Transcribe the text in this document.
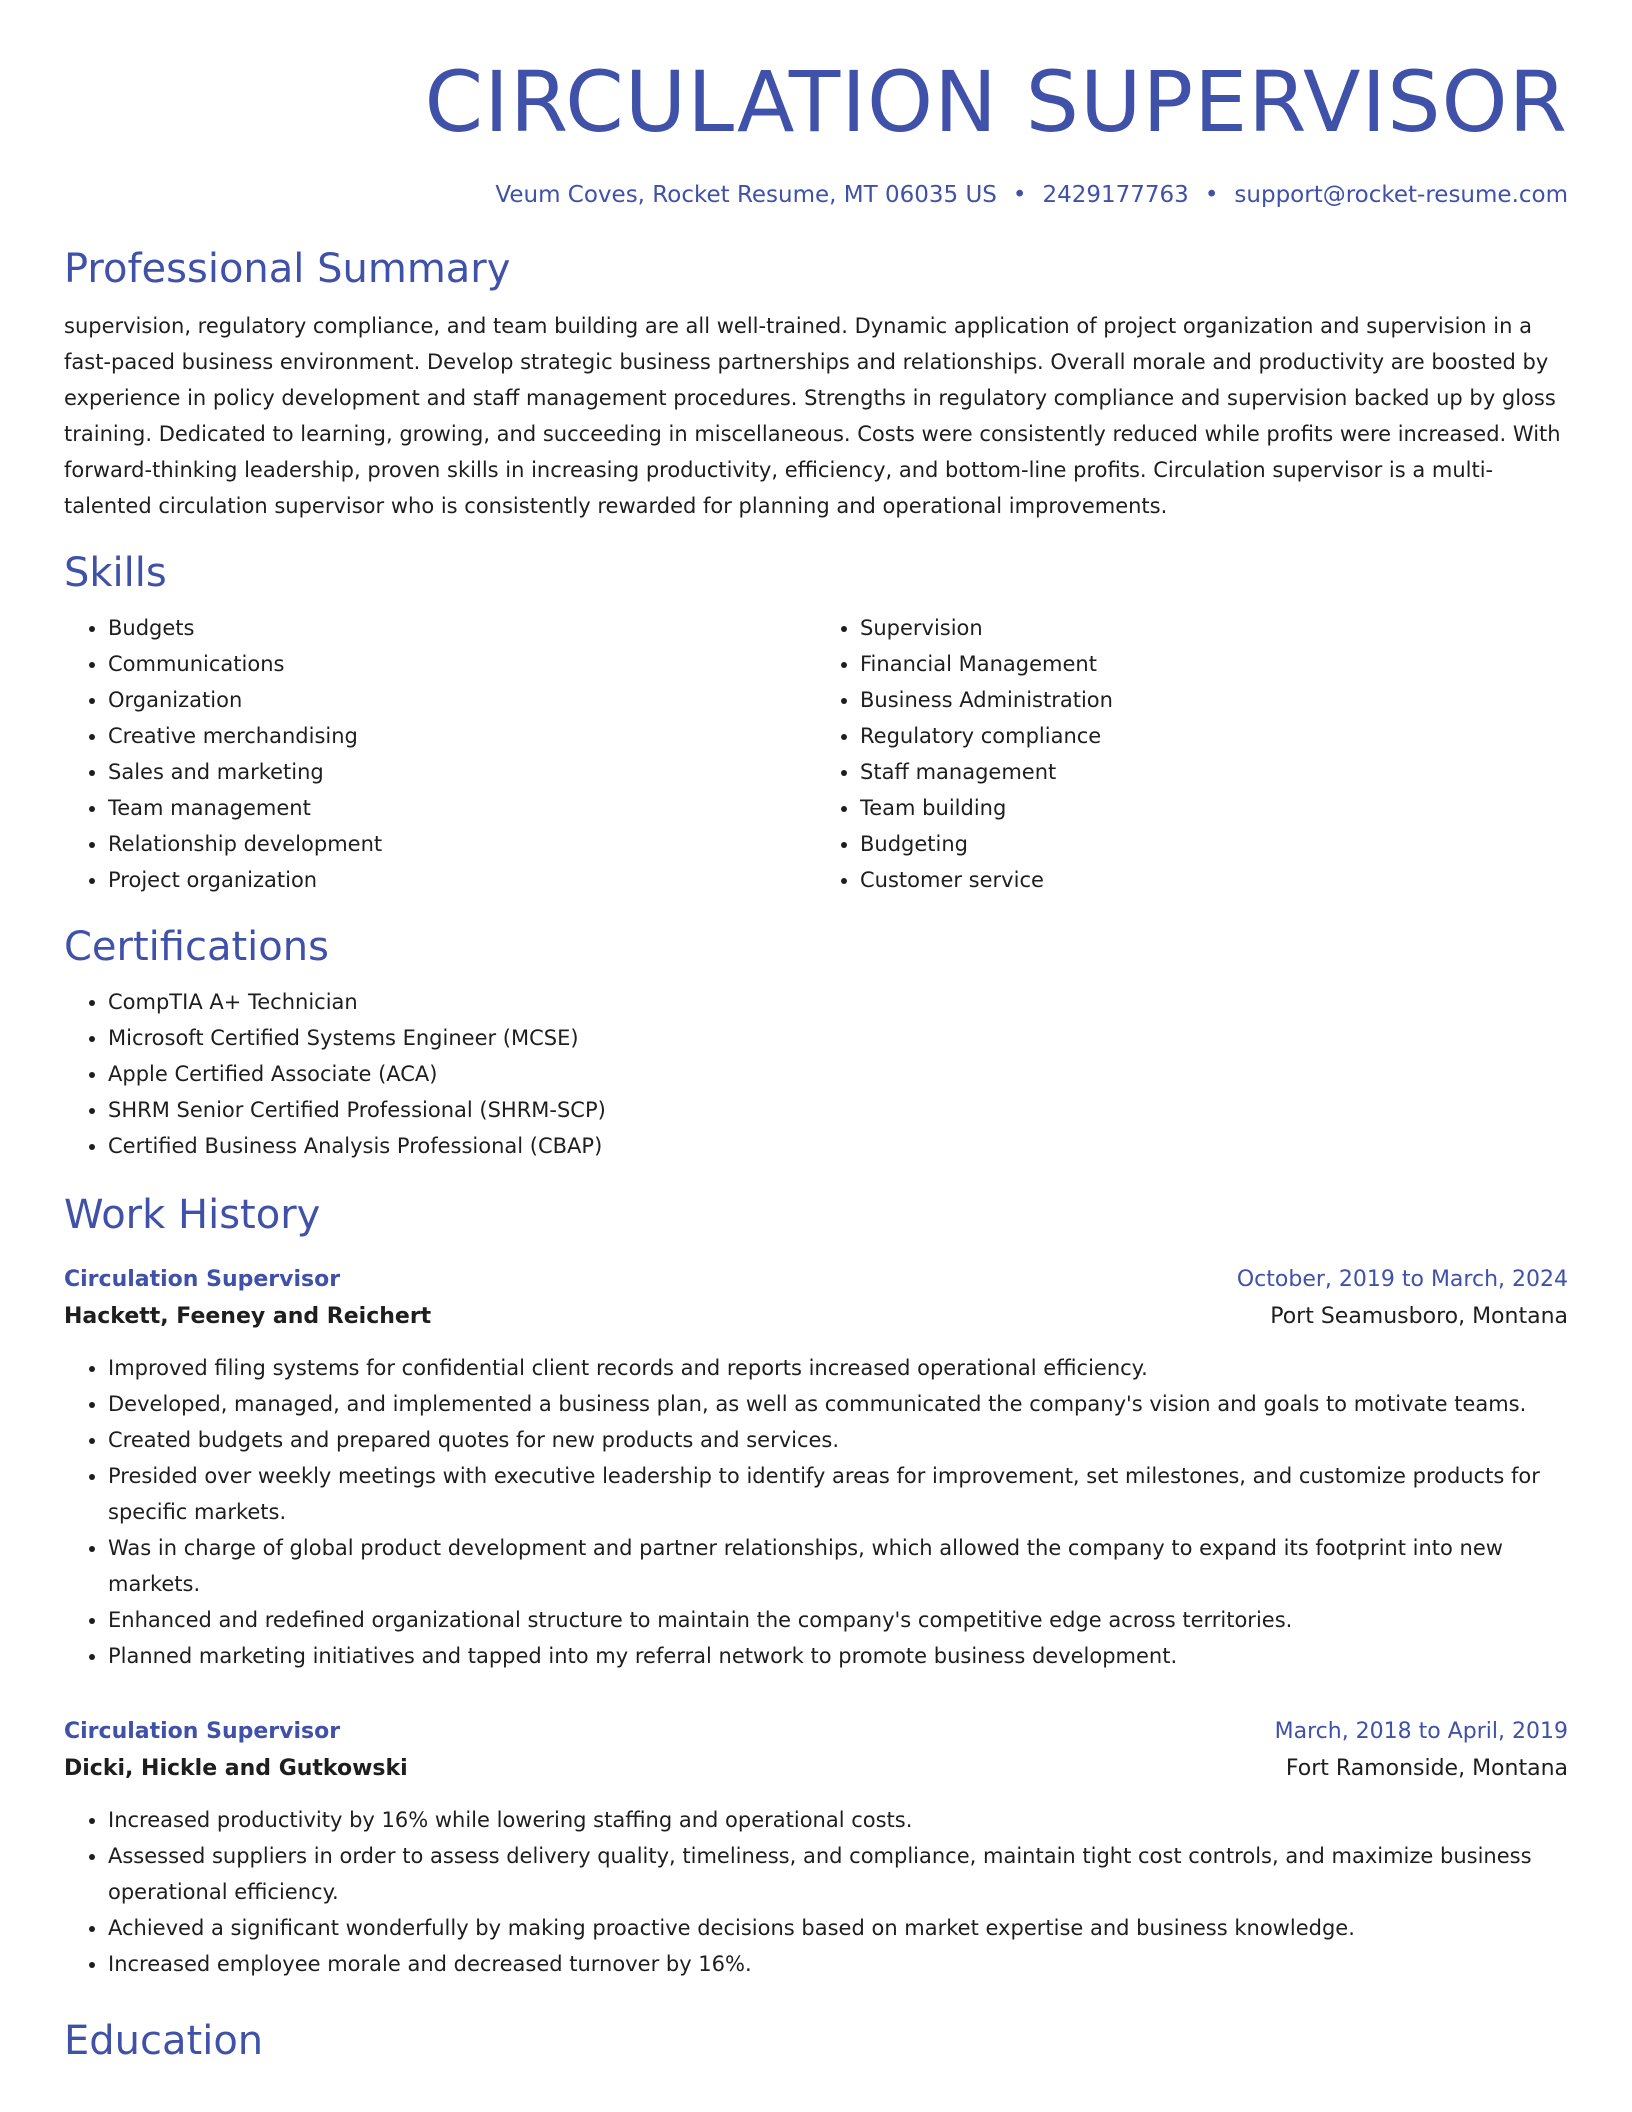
CIRCULATION SUPERVISOR
Veum Coves, Rocket Resume, MT 06035 US • 2429177763 • support@rocket-resume.com
Professional Summary

supervision, regulatory compliance, and team building are all well-trained. Dynamic application of project organization and supervision in a fast-paced business environment. Develop strategic business partnerships and relationships. Overall morale and productivity are boosted by experience in policy development and staff management procedures. Strengths in regulatory compliance and supervision backed up by gloss training. Dedicated to learning, growing, and succeeding in miscellaneous. Costs were consistently reduced while profits were increased. With forward-thinking leadership, proven skills in increasing productivity, efficiency, and bottom-line profits. Circulation supervisor is a multi-talented circulation supervisor who is consistently rewarded for planning and operational improvements.

Skills
• Budgets
• Communications
• Organization
• Creative merchandising
• Sales and marketing
• Team management
• Relationship development
• Project organization
• Supervision
• Financial Management
• Business Administration
• Regulatory compliance
• Staff management
• Team building
• Budgeting
• Customer service
Certifications
• CompTIA A+ Technician
• Microsoft Certified Systems Engineer (MCSE)
• Apple Certified Associate (ACA)
• SHRM Senior Certified Professional (SHRM-SCP)
• Certified Business Analysis Professional (CBAP)
Work History
Circulation Supervisor	October, 2019 to March, 2024
Hackett, Feeney and Reichert	Port Seamusboro, Montana
• Improved filing systems for confidential client records and reports increased operational efficiency.
• Developed, managed, and implemented a business plan, as well as communicated the company's vision and goals to motivate teams.
• Created budgets and prepared quotes for new products and services.
• Presided over weekly meetings with executive leadership to identify areas for improvement, set milestones, and customize products for specific markets.
• Was in charge of global product development and partner relationships, which allowed the company to expand its footprint into new markets.
• Enhanced and redefined organizational structure to maintain the company's competitive edge across territories.
• Planned marketing initiatives and tapped into my referral network to promote business development.
Circulation Supervisor	March, 2018 to April, 2019
Dicki, Hickle and Gutkowski	Fort Ramonside, Montana
• Increased productivity by 16% while lowering staffing and operational costs.
• Assessed suppliers in order to assess delivery quality, timeliness, and compliance, maintain tight cost controls, and maximize business operational efficiency.
• Achieved a significant wonderfully by making proactive decisions based on market expertise and business knowledge.
• Increased employee morale and decreased turnover by 16%.
Education
